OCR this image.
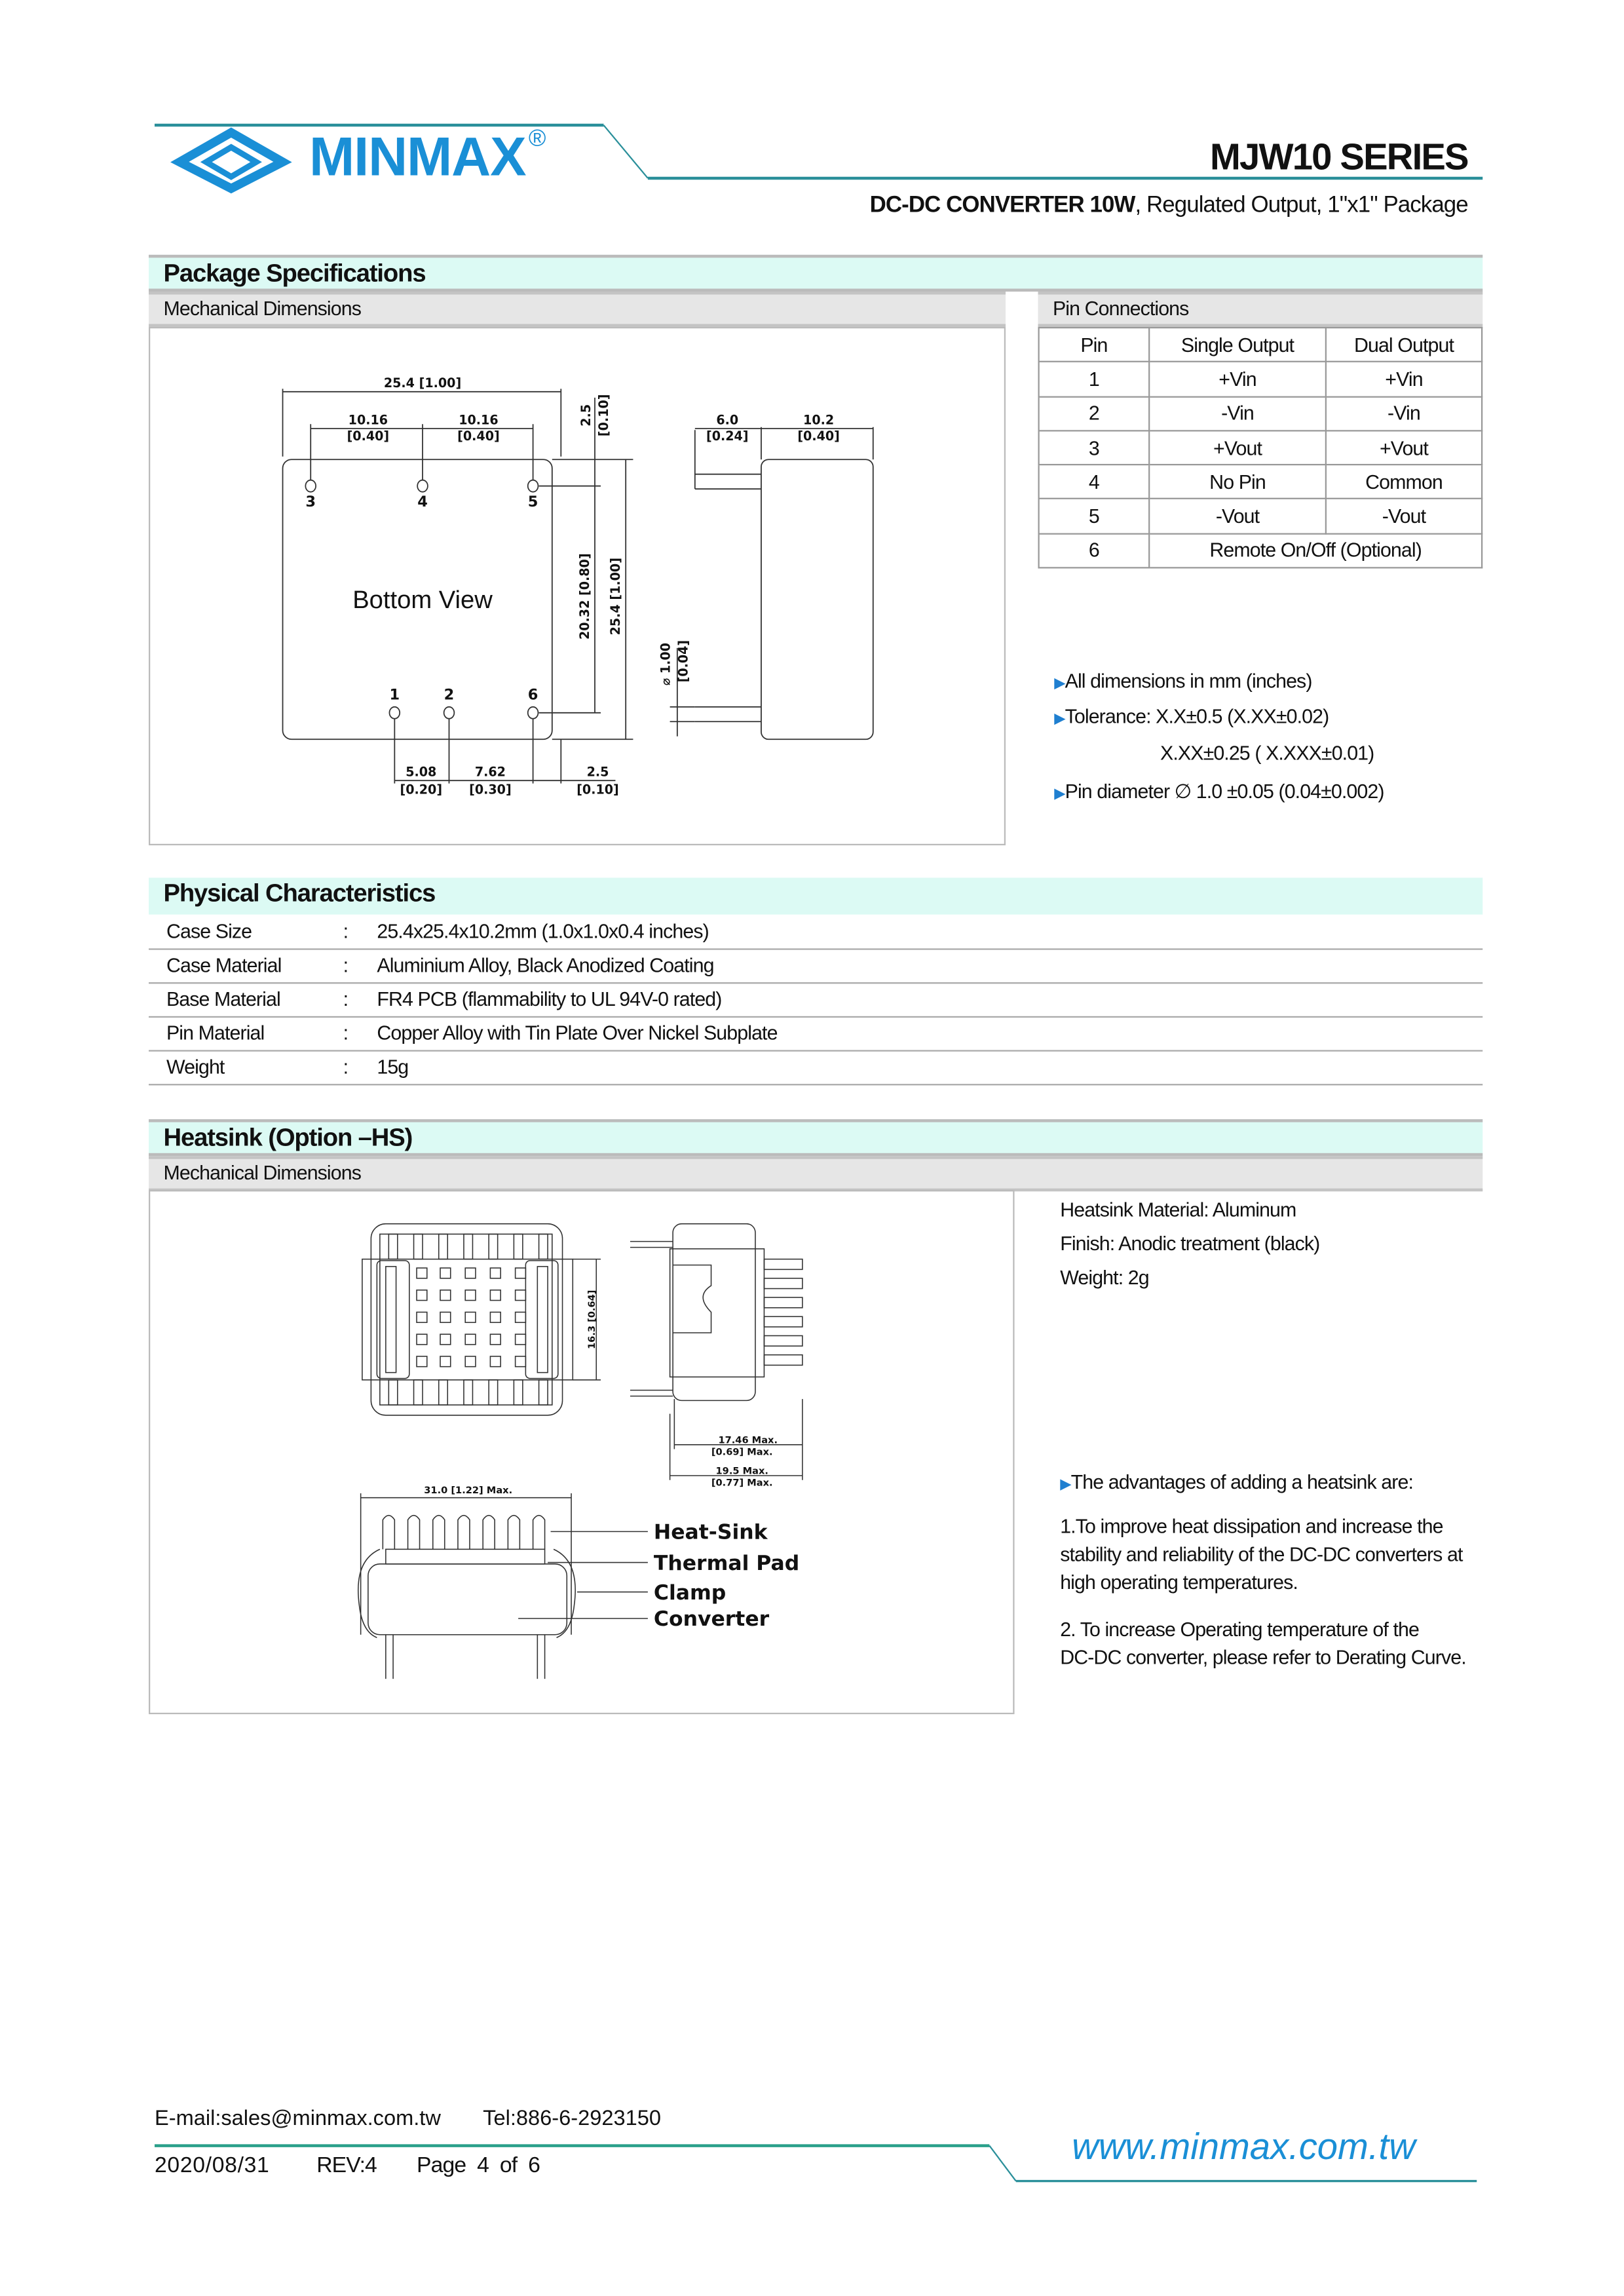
MINMAX ®	MJW10 SERIES
DC-DC CONVERTER 10W, Regulated Output, 1"x1" Package
Package Specifications
Mechanical Dimensions	Pin Connections
25.4 [1.00]
10.16
[0.40]
10.16
[0.40]
6.0
[0.24]
10.2
[0.40]
5.08
[0.20]
7.62
[0.30]
2.5
[0.10]
3	4	5
1	2	6
Bottom View
2.5 [0.10]
20.32 [0.80]	25.4 [1.00]
⌀ 1.00 [0.04]
Pin	Single Output	Dual Output
1	+Vin	+Vin
2	-Vin	-Vin
3	+Vout	+Vout
4	No Pin	Common
5	-Vout	-Vout
6	Remote On/Off (Optional)	
▶All dimensions in mm (inches)
▶Tolerance: X.X±0.5 (X.XX±0.02)
X.XX±0.25 ( X.XXX±0.01)
▶Pin diameter ∅ 1.0 ±0.05 (0.04±0.002)
Physical Characteristics
Case Size	:	25.4x25.4x10.2mm (1.0x1.0x0.4 inches)
Case Material	:	Aluminium Alloy, Black Anodized Coating
Base Material	:	FR4 PCB (flammability to UL 94V-0 rated)
Pin Material	:	Copper Alloy with Tin Plate Over Nickel Subplate
Weight	:	15g
Heatsink (Option –HS)
Mechanical Dimensions
16.3 [0.64]
17.46 Max.
[0.69] Max.
19.5 Max.
[0.77] Max.
31.0 [1.22] Max.
Heat-Sink
Thermal Pad
Clamp
Converter
Heatsink Material: Aluminum
Finish: Anodic treatment (black)
Weight: 2g
▶The advantages of adding a heatsink are:
1.To improve heat dissipation and increase the
stability and reliability of the DC-DC converters at
high operating temperatures.
2. To increase Operating temperature of the
DC-DC converter, please refer to Derating Curve.
E-mail:sales@minmax.com.tw	Tel:886-6-2923150
2020/08/31	REV:4	Page  4  of  6	www.minmax.com.tw
